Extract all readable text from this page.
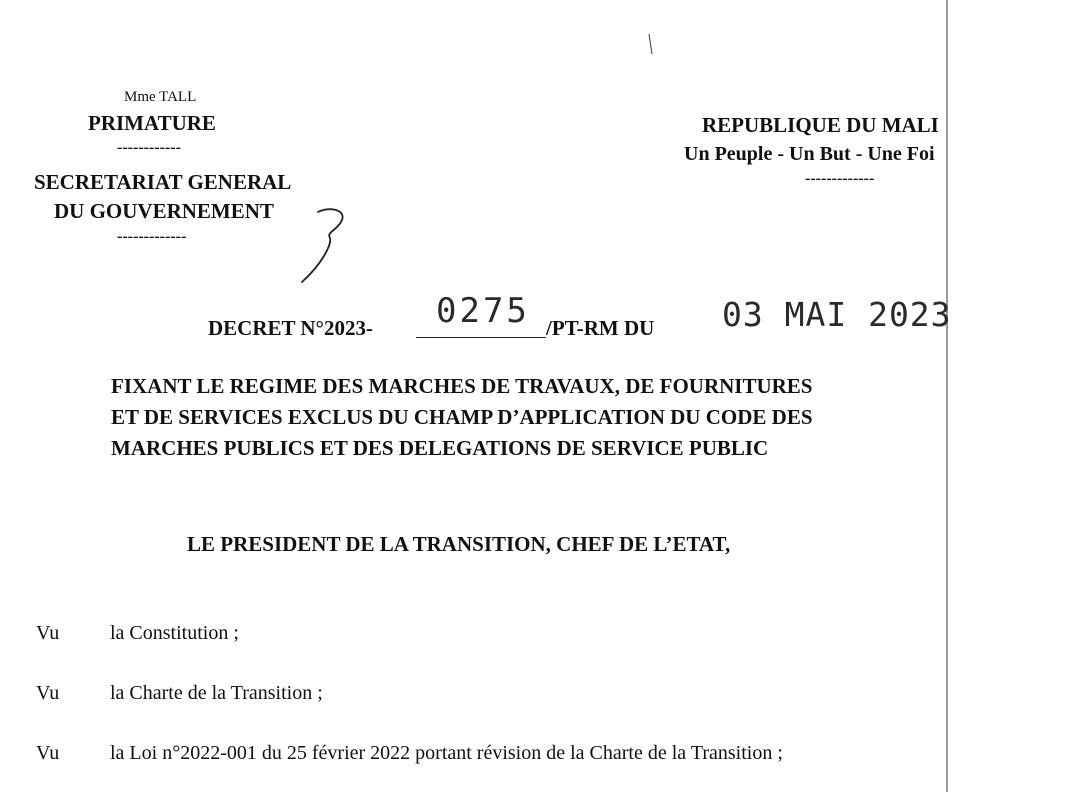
Mme TALL
PRIMATURE
------------
SECRETARIAT GENERAL
DU GOUVERNEMENT
-------------
REPUBLIQUE DU MALI
Un Peuple - Un But - Une Foi
-------------
DECRET N°2023- 0275 /PT-RM DU 03 MAI 2023
FIXANT LE REGIME DES MARCHES DE TRAVAUX, DE FOURNITURES
ET DE SERVICES EXCLUS DU CHAMP D’APPLICATION DU CODE DES
MARCHES PUBLICS ET DES DELEGATIONS DE SERVICE PUBLIC
LE PRESIDENT DE LA TRANSITION, CHEF DE L’ETAT,
Vu	la Constitution ;
Vu	la Charte de la Transition ;
Vu	la Loi n°2022-001 du 25 février 2022 portant révision de la Charte de la Transition ;
